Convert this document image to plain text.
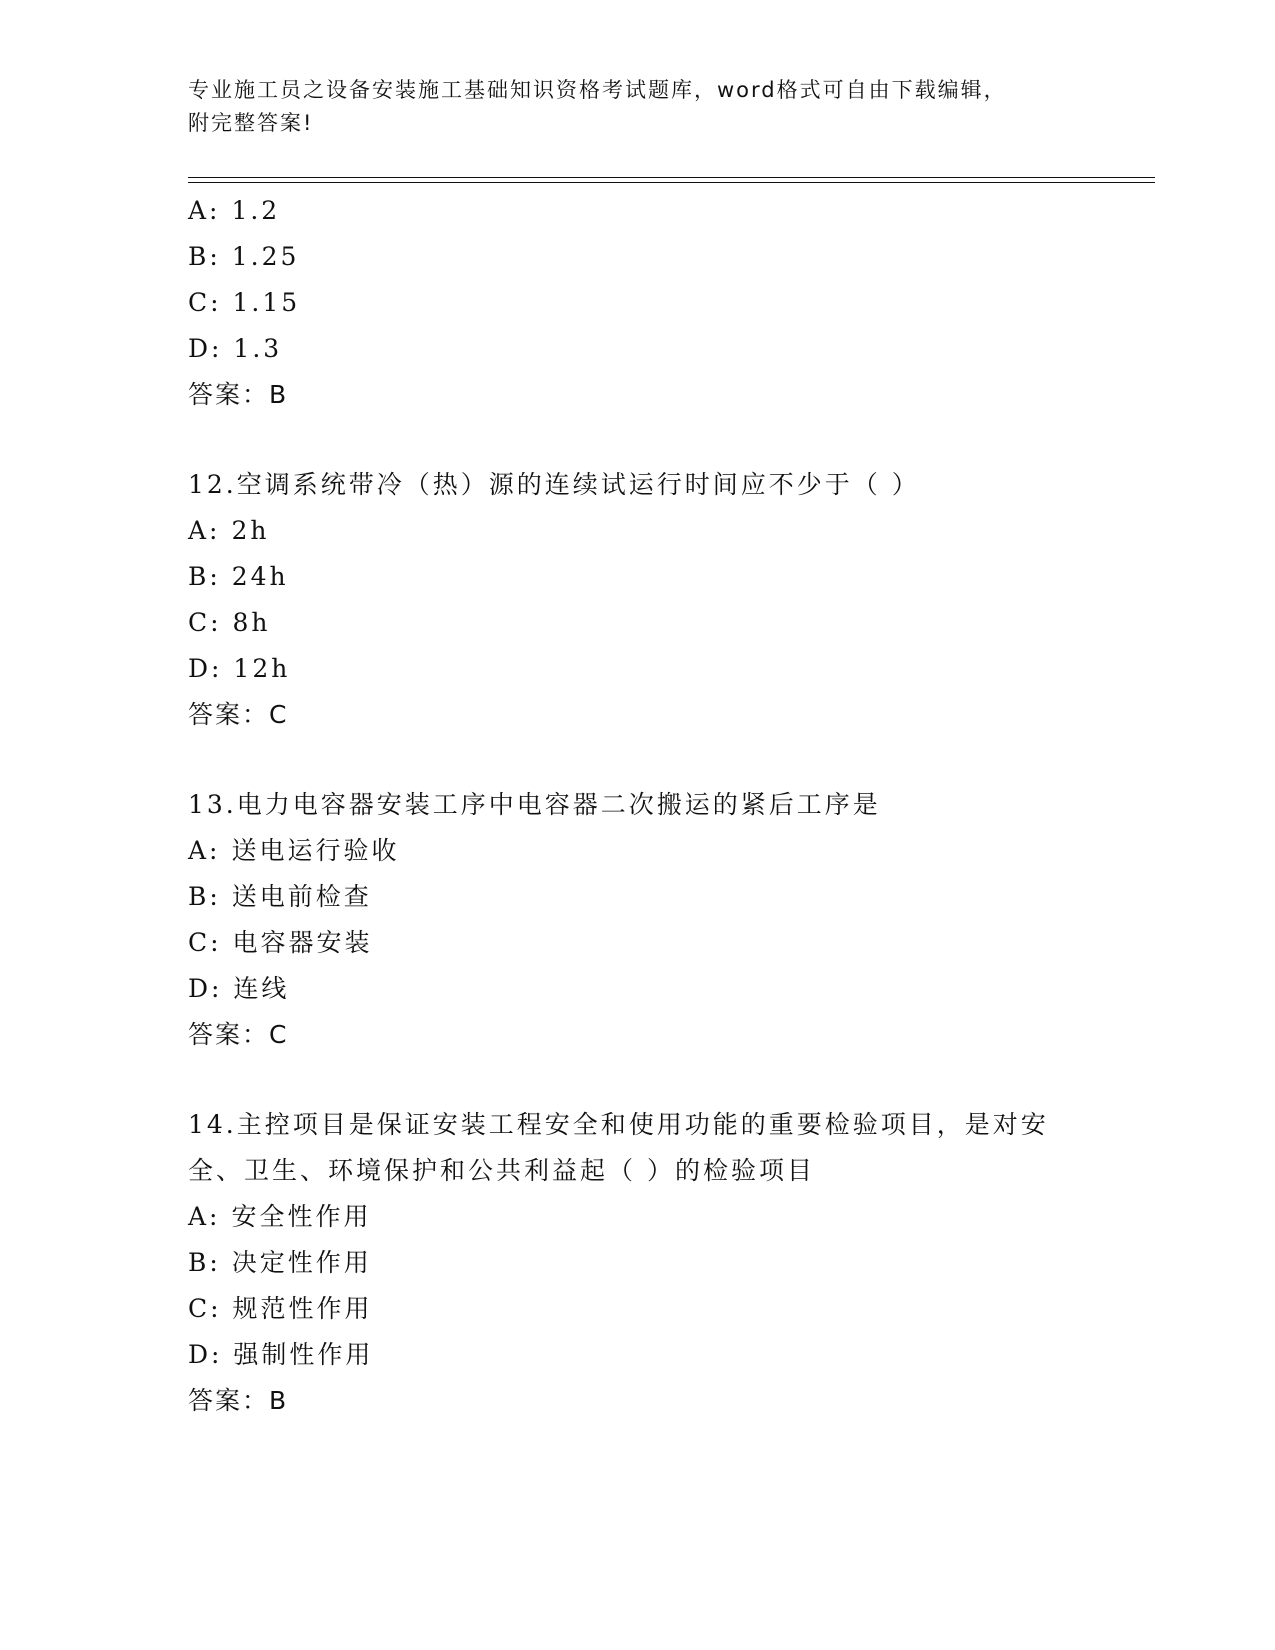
专业施工员之设备安装施工基础知识资格考试题库，word格式可自由下载编辑，
附完整答案!
A: 1.2
B: 1.25
C: 1.15
D: 1.3
答案：B
12.空调系统带冷（热）源的连续试运行时间应不少于（ ）
A: 2h
B: 24h
C: 8h
D: 12h
答案：C
13.电力电容器安装工序中电容器二次搬运的紧后工序是
A: 送电运行验收
B: 送电前检查
C: 电容器安装
D: 连线
答案：C
14.主控项目是保证安装工程安全和使用功能的重要检验项目，是对安
全、卫生、环境保护和公共利益起（ ）的检验项目
A: 安全性作用
B: 决定性作用
C: 规范性作用
D: 强制性作用
答案：B
